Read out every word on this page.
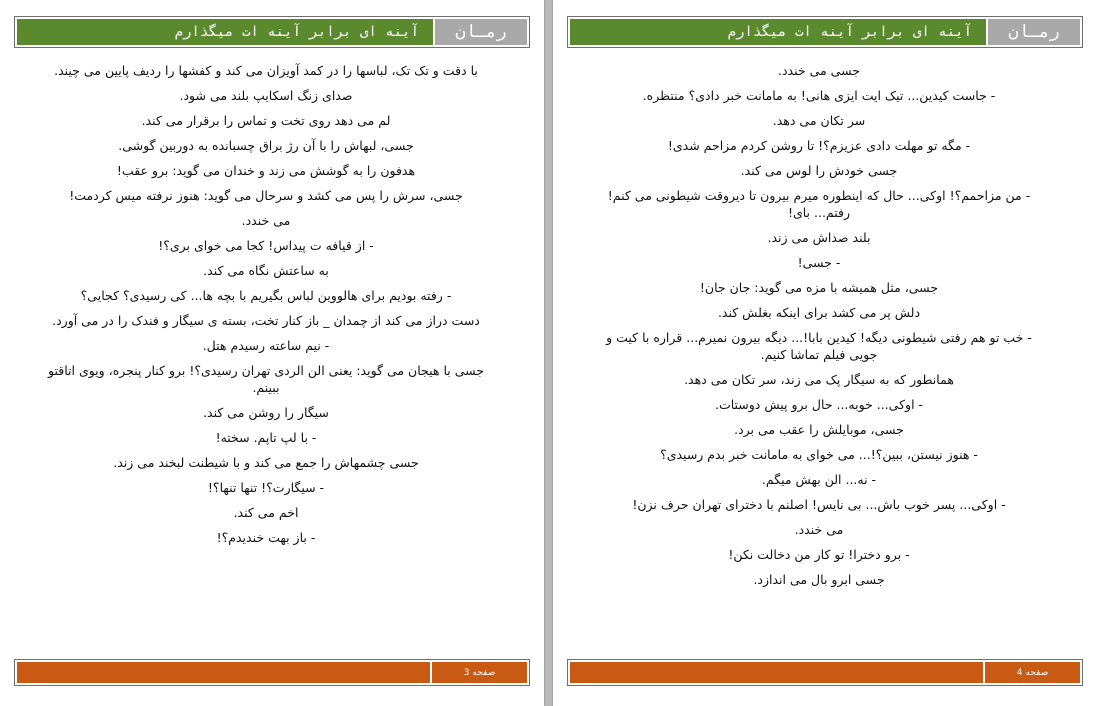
آینه ای برابر آینه ات میگذارم	رمـان

با دقت و تک تک، لباسها را در کمد آویزان می کند و کفشها را ردیف پایین می چیند.

صدای زنگ اسکایپ بلند می شود.

لم می دهد روی تخت و تماس را برقرار می کند.

جسی، لبهاش را با آن رژ براق چسبانده به دوربین گوشی.

هدفون را به گوشش می زند و خندان می گوید: برو عقب!

جسی، سرش را پس می کشد و سرحال می گوید: هنوز نرفته میس کردمت!

می خندد.

- از قیافه ت پیداس! کجا می خوای بری؟!

به ساعتش نگاه می کند.

- رفته بودیم برای هالووین لباس بگیریم با بچه ها... کی رسیدی؟ کجایی؟

دست دراز می کند از چمدان _ باز کنار تخت، بسته ی سیگار و فندک را در می آورد.

- نیم ساعته رسیدم هتل.

جسی با هیجان می گوید: یعنی الن الردی تهران رسیدی؟! برو کنار پنجره، ویوی اتاقتو ببینم.

سیگار را روشن می کند.

- با لپ تاپم. سخته!

جسی چشمهاش را جمع می کند و با شیطنت لبخند می زند.

- سیگارت؟! تنها تنها؟!

اخم می کند.

- باز بهت خندیدم؟!

صفحه 3
آینه ای برابر آینه ات میگذارم	رمـان

جسی می خندد.

- جاست کیدین... تیک ایت ایزی هانی! به مامانت خبر دادی؟ منتظره.

سر تکان می دهد.

- مگه تو مهلت دادی عزیزم؟! تا روشن کردم مزاحم شدی!

جسی خودش را لوس می کند.

- من مزاحمم؟! اوکی... حال که اینطوره میرم بیرون تا دیروقت شیطونی می کنم! رفتم... بای!

بلند صداش می زند.

- جسی!

جسی، مثل همیشه با مزه می گوید: جان جان!

دلش پر می کشد برای اینکه بغلش کند.

- خب تو هم رفتی شیطونی دیگه! کیدین بابا!... دیگه بیرون نمیرم... قراره با کیت و جویی فیلم تماشا کنیم.

همانطور که به سیگار پک می زند، سر تکان می دهد.

- اوکی... خوبه... حال برو پیش دوستات.

جسی، موبایلش را عقب می برد.

- هنوز نیستن، ببین؟!... می خوای به مامانت خبر بدم رسیدی؟

- نه... الن بهش میگم.

- اوکی... پسر خوب باش... بی نایس! اصلنم با دخترای تهران حرف نزن!

می خندد.

- برو دخترا! تو کار من دخالت نکن!

جسی ابرو بال می اندازد.

صفحه 4
